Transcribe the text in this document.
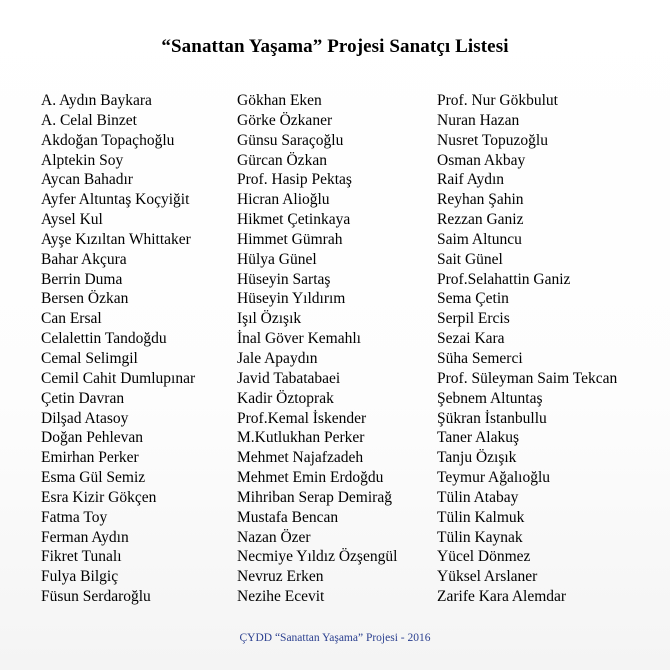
“Sanattan Yaşama” Projesi Sanatçı Listesi
A. Aydın Baykara
A. Celal Binzet
Akdoğan Topaçhoğlu
Alptekin Soy
Aycan Bahadır
Ayfer Altuntaş Koçyiğit
Aysel Kul
Ayşe Kızıltan Whittaker
Bahar Akçura
Berrin Duma
Bersen Özkan
Can Ersal
Celalettin Tandoğdu
Cemal Selimgil
Cemil Cahit Dumlupınar
Çetin Davran
Dilşad Atasoy
Doğan Pehlevan
Emirhan Perker
Esma Gül Semiz
Esra Kizir Gökçen
Fatma Toy
Ferman Aydın
Fikret Tunalı
Fulya Bilgiç
Füsun Serdaroğlu
Gökhan Eken
Görke Özkaner
Günsu Saraçoğlu
Gürcan Özkan
Prof. Hasip Pektaş
Hicran Alioğlu
Hikmet Çetinkaya
Himmet Gümrah
Hülya Günel
Hüseyin Sartaş
Hüseyin Yıldırım
Işıl Özışık
İnal Göver Kemahlı
Jale Apaydın
Javid Tabatabaei
Kadir Öztoprak
Prof.Kemal İskender
M.Kutlukhan Perker
Mehmet Najafzadeh
Mehmet Emin Erdoğdu
Mihriban Serap Demirağ
Mustafa Bencan
Nazan Özer
Necmiye Yıldız Özşengül
Nevruz Erken
Nezihe Ecevit
Prof. Nur Gökbulut
Nuran Hazan
Nusret Topuzoğlu
Osman Akbay
Raif Aydın
Reyhan Şahin
Rezzan Ganiz
Saim Altuncu
Sait Günel
Prof.Selahattin Ganiz
Sema Çetin
Serpil Ercis
Sezai Kara
Süha Semerci
Prof. Süleyman Saim Tekcan
Şebnem Altuntaş
Şükran İstanbullu
Taner Alakuş
Tanju Özışık
Teymur Ağalıoğlu
Tülin Atabay
Tülin Kalmuk
Tülin Kaynak
Yücel Dönmez
Yüksel Arslaner
Zarife Kara Alemdar
ÇYDD “Sanattan Yaşama” Projesi - 2016
